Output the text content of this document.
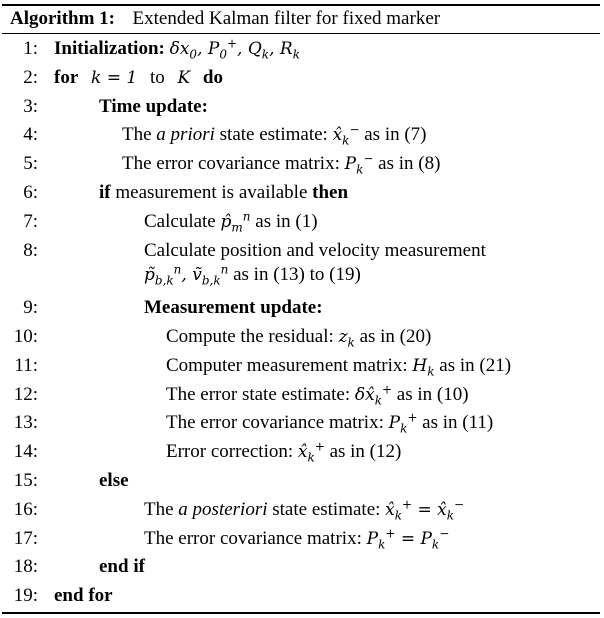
Algorithm 1: Extended Kalman filter for fixed marker
1: Initialization: $\delta x_0$, $P_0^+$, $Q_k$, $R_k$
2: for k = 1 to K do
3:	Time update:
4:	The a priori state estimate: $x̂_k^-$ as in (7)
5:	The error covariance matrix: $P_k^-$ as in (8)
6:	if measurement is available then
7:	Calculate $p̂_m^n$ as in (1)
8:	Calculate position and velocity measurement
$p̃_{b,k}^n$, ṽ$_{b,k}^n$ as in (13) to (19)
9:	Measurement update:
10:	Compute the residual: $z_k$ as in (20)
11:	Computer measurement matrix: $H_k$ as in (21)
12:	The error state estimate: $\delta x̂_k^+$ as in (10)
13:	The error covariance matrix: $P_k^+$ as in (11)
14:	Error correction: $x̂_k^+$ as in (12)
15:	else
16:	The a posteriori state estimate: $x̂_k^+$ = $x̂_k^-$
17:	The error covariance matrix: $P_k^+ = P_k^-$
18:	end if
19: end for
